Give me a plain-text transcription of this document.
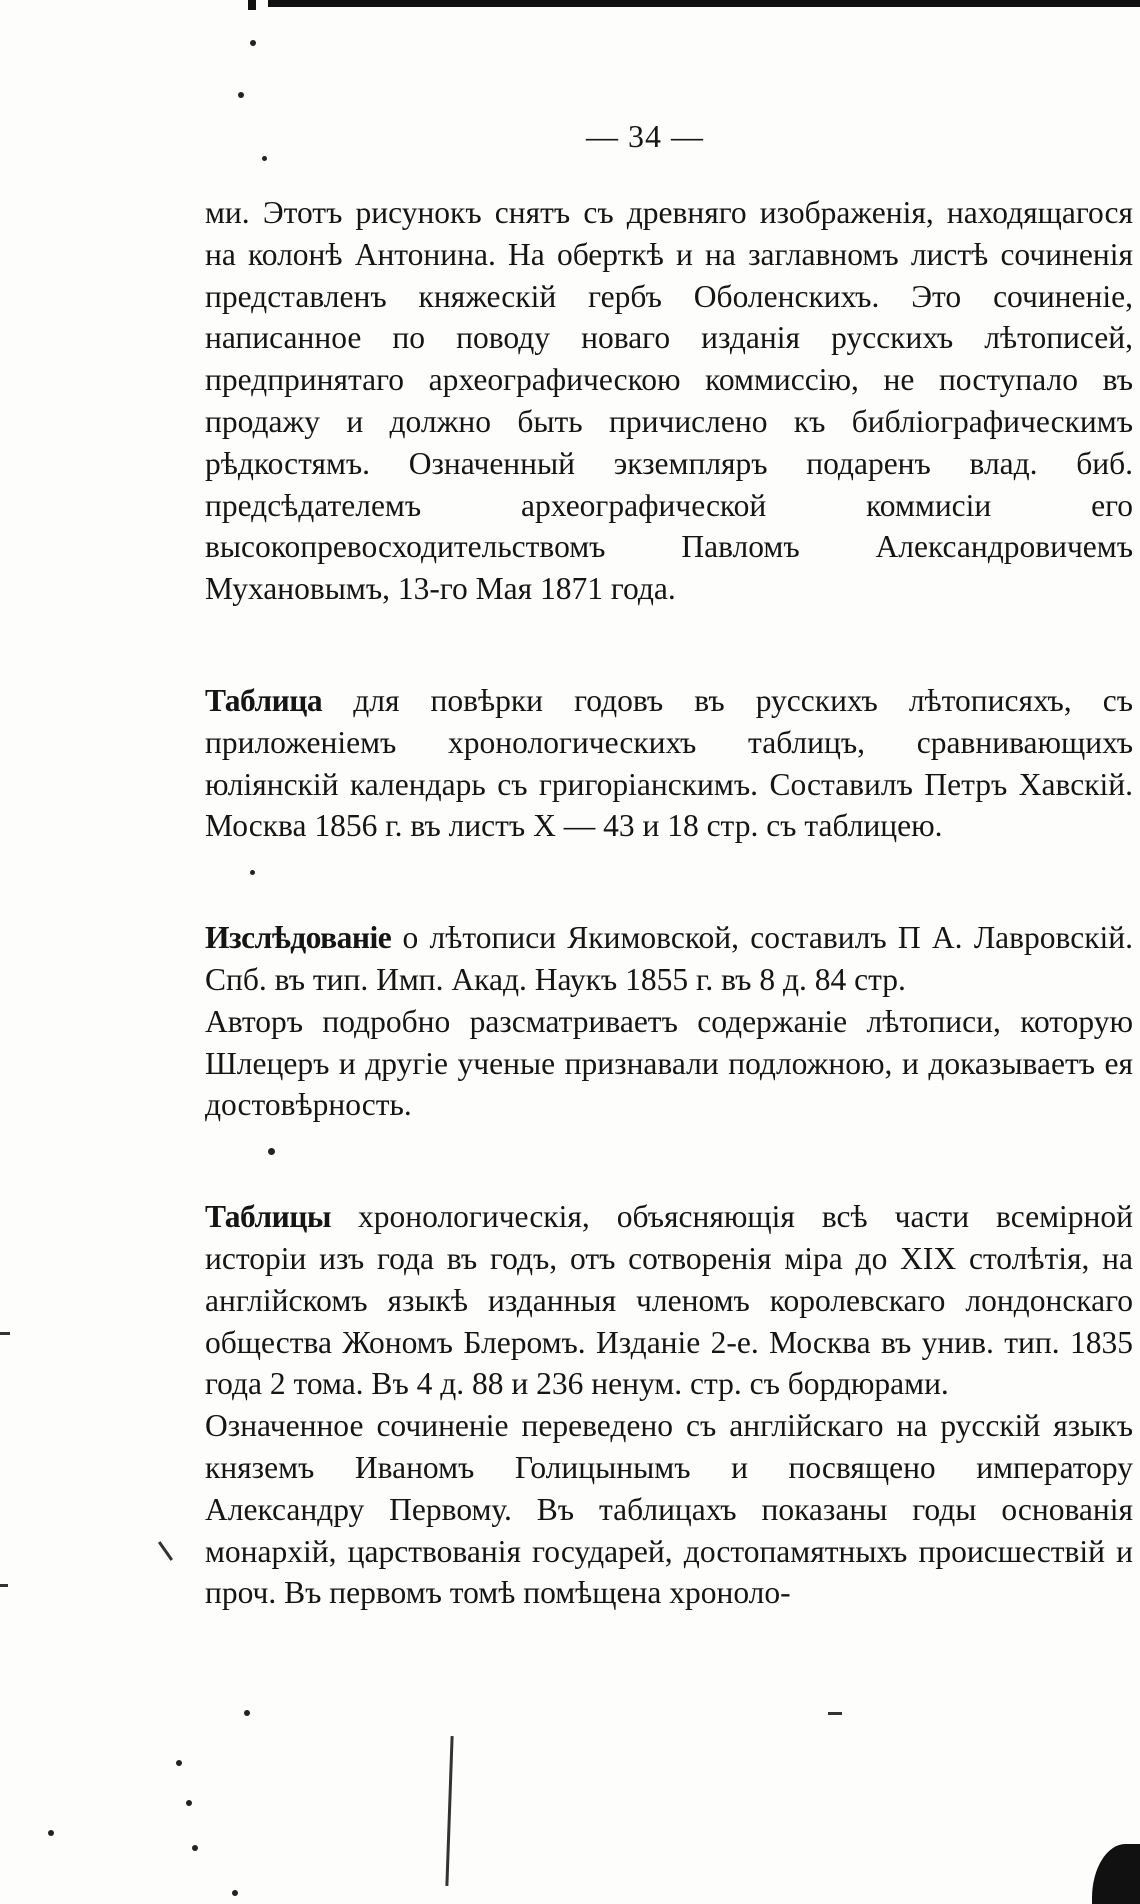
— 34 —

ми. Этотъ рисунокъ снятъ съ древняго изображенія, находящагося на колонѣ Антонина. На оберткѣ и на заглавномъ листѣ сочиненія представленъ княжескій гербъ Оболенскихъ. Это сочиненіе, написанное по поводу новаго изданія русскихъ лѣтописей, предпринятаго археографическою коммиссію, не поступало въ продажу и должно быть причислено къ библіографическимъ рѣдкостямъ. Означенный экземпляръ подаренъ влад. биб. предсѣдателемъ археографической коммисіи его высокопревосходительствомъ Павломъ Александровичемъ Мухановымъ, 13-го Мая 1871 года.

Таблица для повѣрки годовъ въ русскихъ лѣтописяхъ, съ приложеніемъ хронологическихъ таблицъ, сравнивающихъ юліянскій календарь съ григоріанскимъ. Составилъ Петръ Хавскій. Москва 1856 г. въ листъ X — 43 и 18 стр. съ таблицею.

Изслѣдованіе о лѣтописи Якимовской, составилъ П А. Лавровскій. Спб. въ тип. Имп. Акад. Наукъ 1855 г. въ 8 д. 84 стр.

Авторъ подробно разсматриваетъ содержаніе лѣтописи, которую Шлецеръ и другіе ученые признавали подложною, и доказываетъ ея достовѣрность.

Таблицы хронологическія, объясняющія всѣ части всемірной исторіи изъ года въ годъ, отъ сотворенія міра до XIX столѣтія, на англійскомъ языкѣ изданныя членомъ королевскаго лондонскаго общества Жономъ Блеромъ. Изданіе 2-е. Москва въ унив. тип. 1835 года 2 тома. Въ 4 д. 88 и 236 ненум. стр. съ бордюрами.

Означенное сочиненіе переведено съ англійскаго на русскій языкъ княземъ Иваномъ Голицынымъ и посвящено императору Александру Первому. Въ таблицахъ показаны годы основанія монархій, царствованія государей, достопамятныхъ происшествій и проч. Въ первомъ томѣ помѣщена хроноло-
